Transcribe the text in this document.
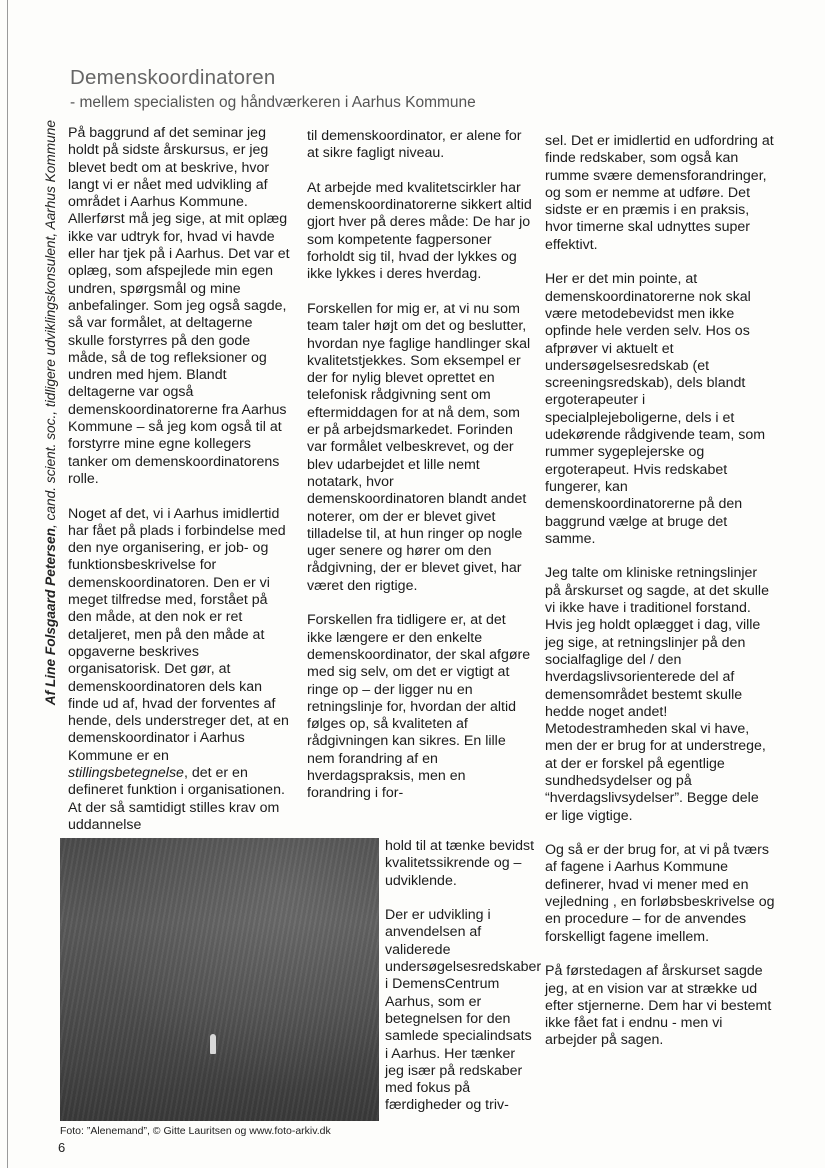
Demenskoordinatoren
- mellem specialisten og håndværkeren i Aarhus Kommune
Af Line Folsgaard Petersen, cand. scient. soc., tidligere udviklingskonsulent, Aarhus Kommune På baggrund af det seminar jeg holdt på sidste årskursus, er jeg blevet bedt om at beskrive, hvor langt vi er nået med udvikling af området i Aarhus Kommune. Allerførst må jeg sige, at mit oplæg ikke var udtryk for, hvad vi havde eller har tjek på i Aarhus. Det var et oplæg, som afspejlede min egen undren, spørgsmål og mine anbefalinger. Som jeg også sagde, så var formålet, at deltagerne skulle forstyrres på den gode måde, så de tog refleksioner og undren med hjem. Blandt deltagerne var også demenskoordinatorerne fra Aarhus Kommune – så jeg kom også til at forstyrre mine egne kollegers tanker om demenskoordinatorens rolle.

Noget af det, vi i Aarhus imidlertid har fået på plads i forbindelse med den nye organisering, er job- og funktionsbeskrivelse for demenskoordinatoren. Den er vi meget tilfredse med, forstået på den måde, at den nok er ret detaljeret, men på den måde at opgaverne beskrives organisatorisk. Det gør, at demenskoordinatoren dels kan finde ud af, hvad der forventes af hende, dels understreger det, at en demenskoordinator i Aarhus Kommune er en stillingsbetegnelse, det er en defineret funktion i organisationen. At der så samtidigt stilles krav om uddannelse

til demenskoordinator, er alene for at sikre fagligt niveau.

At arbejde med kvalitetscirkler har demenskoordinatorerne sikkert altid gjort hver på deres måde: De har jo som kompetente fagpersoner forholdt sig til, hvad der lykkes og ikke lykkes i deres hverdag.

Forskellen for mig er, at vi nu som team taler højt om det og beslutter, hvordan nye faglige handlinger skal kvalitetstjekkes. Som eksempel er der for nylig blevet oprettet en telefonisk rådgivning sent om eftermiddagen for at nå dem, som er på arbejdsmarkedet. Forinden var formålet velbeskrevet, og der blev udarbejdet et lille nemt notatark, hvor demenskoordinatoren blandt andet noterer, om der er blevet givet tilladelse til, at hun ringer op nogle uger senere og hører om den rådgivning, der er blevet givet, har været den rigtige.

Forskellen fra tidligere er, at det ikke længere er den enkelte demenskoordinator, der skal afgøre med sig selv, om det er vigtigt at ringe op – der ligger nu en retningslinje for, hvordan der altid følges op, så kvaliteten af rådgivningen kan sikres. En lille nem forandring af en hverdagspraksis, men en forandring i for-

hold til at tænke bevidst kvalitetssikrende og – udviklende.

Der er udvikling i anvendelsen af validerede undersøgelsesredskaber i DemensCentrum Aarhus, som er betegnelsen for den samlede specialindsats i Aarhus. Her tænker jeg især på redskaber med fokus på færdigheder og triv-

sel. Det er imidlertid en udfordring at finde redskaber, som også kan rumme svære demensforandringer, og som er nemme at udføre. Det sidste er en præmis i en praksis, hvor timerne skal udnyttes super effektivt.

Her er det min pointe, at demenskoordinatorerne nok skal være metodebevidst men ikke opfinde hele verden selv. Hos os afprøver vi aktuelt et undersøgelsesredskab (et screeningsredskab), dels blandt ergoterapeuter i specialplejeboligerne, dels i et udekørende rådgivende team, som rummer sygeplejerske og ergoterapeut. Hvis redskabet fungerer, kan demenskoordinatorerne på den baggrund vælge at bruge det samme.

Jeg talte om kliniske retningslinjer på årskurset og sagde, at det skulle vi ikke have i traditionel forstand. Hvis jeg holdt oplægget i dag, ville jeg sige, at retningslinjer på den socialfaglige del / den hverdagslivsorienterede del af demensområdet bestemt skulle hedde noget andet! Metodestramheden skal vi have, men der er brug for at understrege, at der er forskel på egentlige sundhedsydelser og på “hverdagslivsydelser”. Begge dele er lige vigtige.

Og så er der brug for, at vi på tværs af fagene i Aarhus Kommune definerer, hvad vi mener med en vejledning , en forløbsbeskrivelse og en procedure – for de anvendes forskelligt fagene imellem.

På førstedagen af årskurset sagde jeg, at en vision var at strække ud efter stjernerne. Dem har vi bestemt ikke fået fat i endnu - men vi arbejder på sagen.

Foto: ”Alenemand”, © Gitte Lauritsen og www.foto-arkiv.dk
6
